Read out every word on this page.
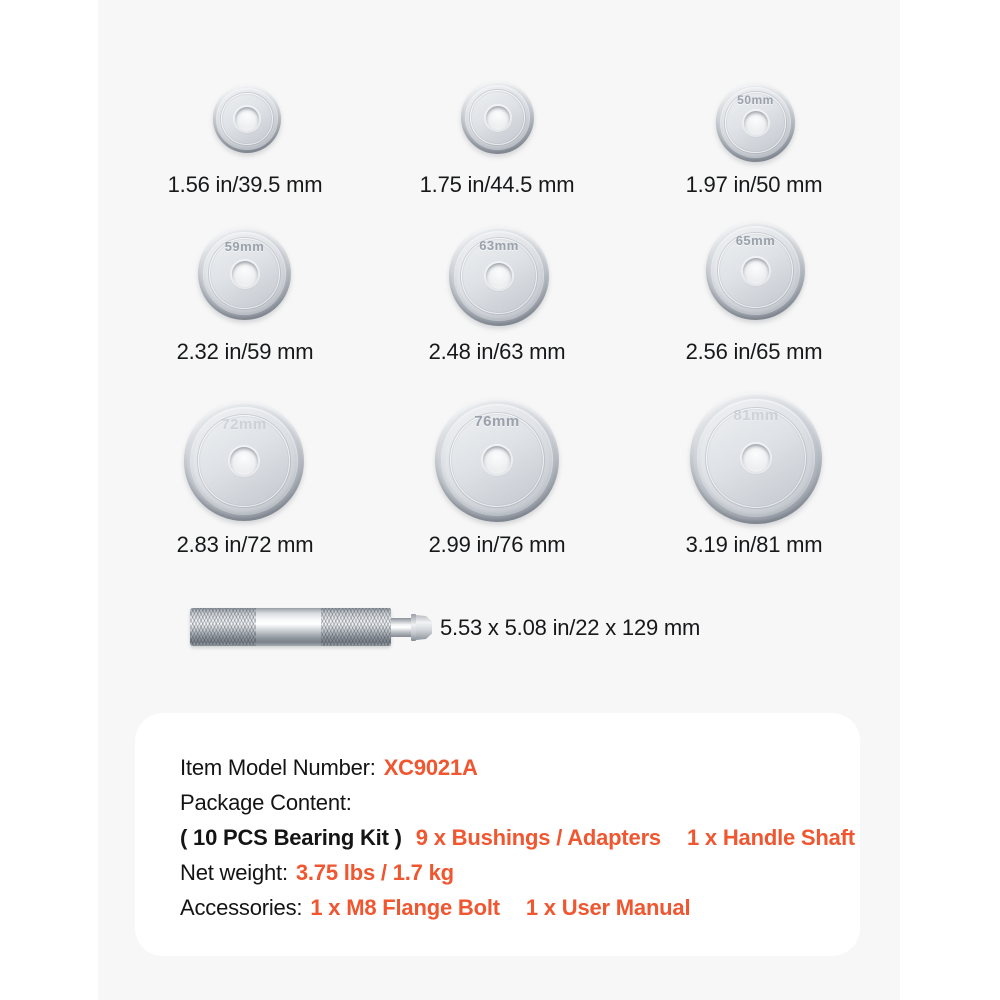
50mm
1.56 in/39.5 mm	1.75 in/44.5 mm	1.97 in/50 mm
59mm	63mm	65mm
2.32 in/59 mm	2.48 in/63 mm	2.56 in/65 mm
72mm	76mm	81mm
2.83 in/72 mm	2.99 in/76 mm	3.19 in/81 mm
5.53 x 5.08 in/22 x 129 mm
Item Model Number: XC9021A
Package Content:
( 10 PCS Bearing Kit ) 9 x Bushings / Adapters 1 x Handle Shaft
Net weight: 3.75 lbs / 1.7 kg
Accessories: 1 x M8 Flange Bolt 1 x User Manual
